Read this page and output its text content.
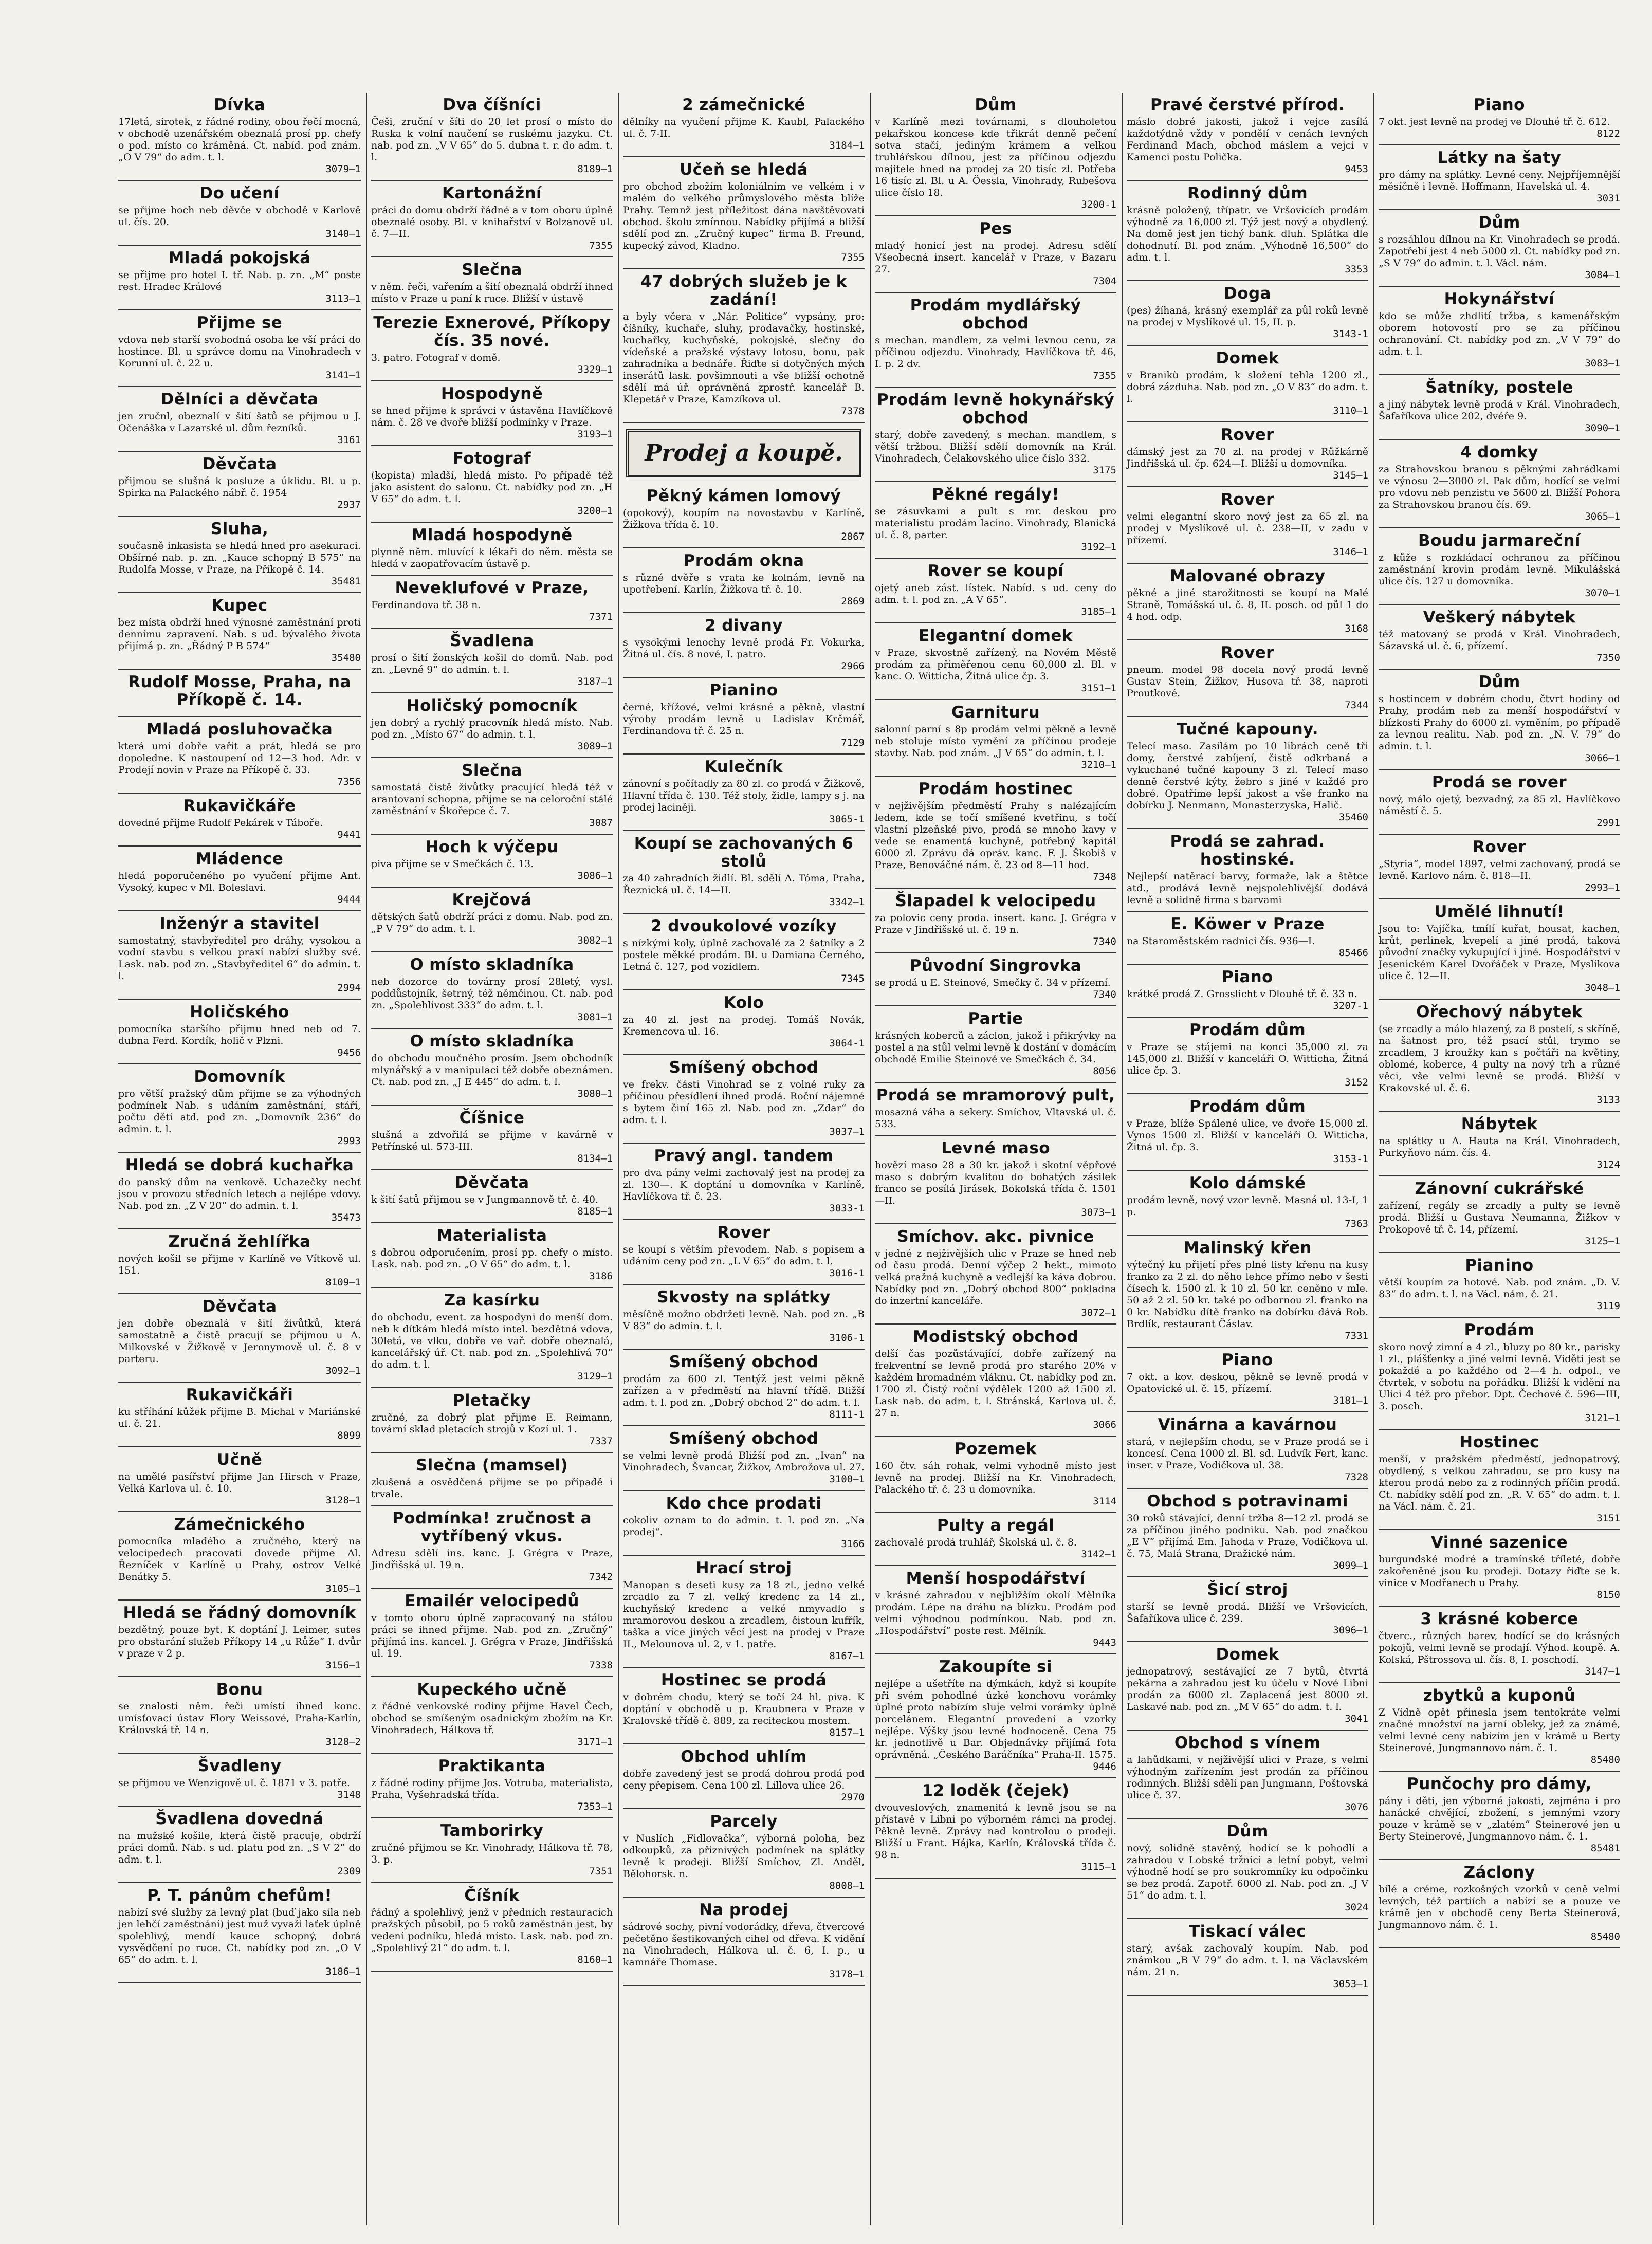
Dívka

17letá, sirotek, z řádné rodiny, obou řečí mocná, v obchodě uzenářském obeznalá prosí pp. chefy o pod. místo co kráměná. Ct. nabíd. pod znám. „O V 79“ do adm. t. l.

3079—1
Do učení

se přijme hoch neb děvče v obchodě v Karlově ul. čís. 20.

3140—1
Mladá pokojská

se přijme pro hotel I. tř. Nab. p. zn. „M“ poste rest. Hradec Králové

3113—1
Přijme se

vdova neb starší svobodná osoba ke vší práci do hostince. Bl. u správce domu na Vinohradech v Korunní ul. č. 22 u.

3141—1
Dělníci a děvčata

jen zručnl, obeznalí v šití šatů se přijmou u J. Očenáška v Lazarské ul. dům řezníků.

3161
Děvčata

přijmou se slušná k posluze a úklidu. Bl. u p. Spirka na Palackého nábř. č. 1954

2937
Sluha,

současně inkasista se hledá hned pro asekuraci. Obšírné nab. p. zn. „Kauce schopný B 575“ na Rudolfa Mosse, v Praze, na Příkopě č. 14.

35481
Kupec

bez místa obdrží hned výnosné zaměstnání proti dennímu zapravení. Nab. s ud. bývalého života přijímá p. zn. „Řádný P B 574“

35480
Rudolf Mosse, Praha, na Příkopě č. 14.
Mladá posluhovačka

která umí dobře vařit a prát, hledá se pro dopoledne. K nastoupení od 12—3 hod. Adr. v Prodejí novin v Praze na Příkopě č. 33.

7356
Rukavičkáře

dovedné přijme Rudolf Pekárek v Táboře.

9441
Mládence

hledá poporučeného po vyučení přijme Ant. Vysoký, kupec v Ml. Boleslavi.

9444
Inženýr a stavitel

samostatný, stavbyředitel pro dráhy, vysokou a vodní stavbu s velkou praxí nabízí služby své. Lask. nab. pod zn. „Stavbyředitel 6“ do admin. t. l.

2994
Holičského

pomocníka staršího přijmu hned neb od 7. dubna Ferd. Kordík, holič v Plzni.

9456
Domovník

pro větší pražský dům přijme se za výhodných podmínek Nab. s udáním zaměstnání, stáří, počtu dětí atd. pod zn. „Domovník 236“ do admin. t. l.

2993
Hledá se dobrá kuchařka

do panský dům na venkově. Uchazečky nechť jsou v provozu středních letech a nejlépe vdovy. Nab. pod zn. „Z V 20“ do admin. t. l.

35473
Zručná žehlířka

nových košil se přijme v Karlíně ve Vítkově ul. 151.

8109—1
Děvčata

jen dobře obeznalá v šití živůtků, která samostatně a čistě pracují se přijmou u A. Milkovské v Žižkově v Jeronymově ul. č. 8 v parteru.

3092—1
Rukavičkáři

ku stříhání kůžek přijme B. Michal v Mariánské ul. č. 21.

8099
Učně

na umělé pasířství přijme Jan Hirsch v Praze, Velká Karlova ul. č. 10.

3128—1
Zámečnického

pomocníka mladého a zručného, který na velocipedech pracovati dovede přijme Al. Řezníček v Karlíně u Prahy, ostrov Velké Benátky 5.

3105—1
Hledá se řádný domovník

bezdětný, pouze byt. K doptání J. Leimer, sutes pro obstarání služeb Příkopy 14 „u Růže“ I. dvůr v praze v 2 p.

3156—1
Bonu

se znalosti něm. řeči umístí ihned konc. umísťovací ústav Flory Weissové, Praha-Karlín, Královská tř. 14 n.

3128—2
Švadleny

se přijmou ve Wenzigově ul. č. 1871 v 3. patře.

3148
Švadlena dovedná

na mužské košile, která čistě pracuje, obdrží práci domů. Nab. s ud. platu pod zn. „S V 2“ do adm. t. l.

2309
P. T. pánům chefům!

nabízí své služby za levný plat (buď jako síla neb jen lehčí zaměstnání) jest muž vyvaži laťek úplně spolehlivý, mendí kauce schopný, dobrá vysvědčení po ruce. Ct. nabídky pod zn. „O V 65“ do adm. t. l.

3186—1
Dva číšníci

Češi, zruční v šíti do 20 let prosí o místo do Ruska k volní naučení se ruskému jazyku. Ct. nab. pod zn. „V V 65“ do 5. dubna t. r. do adm. t. l.

8189—1
Kartonážní

práci do domu obdrží řádné a v tom oboru úplně obeznalé osoby. Bl. v knihařství v Bolzanově ul. č. 7—II.

7355
Slečna

v něm. řeči, vařením a šití obeznalá obdrží ihned místo v Praze u paní k ruce. Bližší v ústavě

Terezie Exnerové, Příkopy čís. 35 nové.

3. patro. Fotograf v domě.

3329—1
Hospodyně

se hned přijme k správci v ústavěna Havlíčkově nám. č. 28 ve dvoře bližší podmínky v Praze.

3193—1
Fotograf

(kopista) mladší, hledá místo. Po případě též jako asistent do salonu. Ct. nabídky pod zn. „H V 65“ do adm. t. l.

3200—1
Mladá hospodyně

plynně něm. mluvící k lékaři do něm. města se hledá v zaopatřovacím ústavě p.

Neveklufové v Praze,

Ferdinandova tř. 38 n.

7371
Švadlena

prosí o šití žonských košil do domů. Nab. pod zn. „Levné 9“ do admin. t. l.

3187—1
Holičský pomocník

jen dobrý a rychlý pracovník hledá místo. Nab. pod zn. „Místo 67“ do admin. t. l.

3089—1
Slečna

samostatá čistě živůtky pracující hledá též v arantovaní schopna, přijme se na celoroční stálé zaměstnání v Škořepce č. 7.

3087
Hoch k výčepu

piva přijme se v Smečkách č. 13.

3086—1
Krejčová

dětských šatů obdrží práci z domu. Nab. pod zn. „P V 79“ do adm. t. l.

3082—1
O místo skladníka

neb dozorce do továrny prosí 28letý, vysl. poddůstojník, šetrný, též němčinou. Ct. nab. pod zn. „Spolehlivost 333“ do adm. t. l.

3081—1
O místo skladníka

do obchodu moučného prosím. Jsem obchodník mlynářský a v manipulaci též dobře obeznámen. Ct. nab. pod zn. „J E 445“ do adm. t. l.

3080—1
Číšnice

slušná a zdvořilá se přijme v kavárně v Petřínské ul. 573-III.

8134—1
Děvčata

k šití šatů přijmou se v Jungmannově tř. č. 40.

8185—1
Materialista

s dobrou odporučením, prosí pp. chefy o místo. Lask. nab. pod zn. „O V 65“ do adm. t. l.

3186
Za kasírku

do obchodu, event. za hospodyni do menší dom. neb k dítkám hledá místo intel. bezdětná vdova, 30letá, ve vlku, dobře ve vař. dobře obeznalá, kancelářský úř. Ct. nab. pod zn. „Spolehlivá 70“ do adm. t. l.

3129—1
Pletačky

zručné, za dobrý plat přijme E. Reimann, tovární sklad pletacích strojů v Kozí ul. 1.

7337
Slečna (mamsel)

zkušená a osvědčená přijme se po případě i trvale.

Podmínka! zručnost a vytříbený vkus.

Adresu sdělí ins. kanc. J. Grégra v Praze, Jindřišská ul. 19 n.

7342
Emailér velocipedů

v tomto oboru úplně zapracovaný na stálou práci se ihned přijme. Nab. pod zn. „Zručný“ přijímá ins. kancel. J. Grégra v Praze, Jindřišská ul. 19.

7338
Kupeckého učně

z řádné venkovské rodiny přijme Havel Čech, obchod se smíšeným osadnickým zbožím na Kr. Vinohradech, Hálkova tř.

3171—1
Praktikanta

z řádné rodiny přijme Jos. Votruba, materialista, Praha, Vyšehradská třída.

7353—1
Tamborirky

zručné přijmou se Kr. Vinohrady, Hálkova tř. 78, 3. p.

7351
Číšník

řádný a spolehlivý, jenž v předních restauracích pražských působil, po 5 roků zaměstnán jest, by vedení podníku, hledá místo. Lask. nab. pod zn. „Spolehlivý 21“ do adm. t. l.

8160—1
2 zámečnické

dělníky na vyučení přijme K. Kaubl, Palackého ul. č. 7-II.

3184—1
Učeň se hledá

pro obchod zbožím koloniálním ve velkém i v malém do velkého průmyslového města blíže Prahy. Temnž jest příležitost dána navštěvovati obchod. školu zmínnou. Nabídky přijímá a bližší sdělí pod zn. „Zručný kupec“ firma B. Freund, kupecký závod, Kladno.

7355
47 dobrých služeb je k zadání!

a byly včera v „Nár. Politice“ vypsány, pro: číšníky, kuchaře, sluhy, prodavačky, hostinské, kuchařky, kuchyňské, pokojské, slečny do vídeňské a pražské výstavy lotosu, bonu, pak zahradníka a bednáře. Řiďte si dotyčných mých inserátů lask. povšimnouti a vše bližší ochotně sdělí má úř. oprávněná zprostř. kancelář B. Klepetář v Praze, Kamzíkova ul.

7378
Prodej a koupě.
Pěkný kámen lomový

(opokový), koupím na novostavbu v Karlíně, Žižkova třída č. 10.

2867
Prodám okna

s různé dvěře s vrata ke kolnám, levně na upotřebení. Karlín, Žižkova tř. č. 10.

2869
2 divany

s vysokými lenochy levně prodá Fr. Vokurka, Žitná ul. čís. 8 nové, I. patro.

2966
Pianino

černé, křížové, velmi krásné a pěkně, vlastní výroby prodám levně u Ladislav Krčmář, Ferdinandova tř. č. 25 n.

7129
Kulečník

zánovní s počítadly za 80 zl. co prodá v Žižkově, Hlavní třída č. 130. Též stoly, židle, lampy s j. na prodej laciněji.

3065-1
Koupí se zachovaných 6 stolů

za 40 zahradních židlí. Bl. sdělí A. Tóma, Praha, Řeznická ul. č. 14—II.

3342—1
2 dvoukolové vozíky

s nízkými koly, úplně zachovalé za 2 šatníky a 2 postele měkké prodám. Bl. u Damiana Černého, Letná č. 127, pod vozidlem.

7345
Kolo

za 40 zl. jest na prodej. Tomáš Novák, Kremencova ul. 16.

3064-1
Smíšený obchod

ve frekv. části Vinohrad se z volné ruky za příčinou přesídlení ihned prodá. Roční nájemné s bytem činí 165 zl. Nab. pod zn. „Zdar“ do adm. t. l.

3037—1
Pravý angl. tandem

pro dva pány velmi zachovalý jest na prodej za zl. 130—. K doptání u domovníka v Karlíně, Havlíčkova tř. č. 23.

3033-1
Rover

se koupí s větším převodem. Nab. s popisem a udáním ceny pod zn. „L V 65“ do adm. t. l.

3016-1
Skvosty na splátky

měsíčně možno obdržeti levně. Nab. pod zn. „B V 83“ do admin. t. l.

3106-1
Smíšený obchod

prodám za 600 zl. Tentýž jest velmi pěkně zařízen a v předměstí na hlavní třídě. Bližší adm. t. l. pod zn. „Dobrý obchod 2“ do adm. t. l.

8111-1
Smíšený obchod

se velmi levně prodá Bližší pod zn. „Ivan“ na Vinohradech, Švancar, Žižkov, Ambrožova ul. 27.

3100—1
Kdo chce prodati

cokoliv oznam to do admin. t. l. pod zn. „Na prodej“.

3166
Hrací stroj

Manopan s deseti kusy za 18 zl., jedno velké zrcadlo za 7 zl. velký kredenc za 14 zl., kuchyňský kredenc a velké nmyvadlo s mramorovou deskou a zrcadlem, čistoun kufřík, taška a více jiných věcí jest na prodej v Praze II., Melounova ul. 2, v 1. patře.

8167—1
Hostinec se prodá

v dobrém chodu, který se točí 24 hl. piva. K doptání v obchodě u p. Kraubnera v Praze v Kralovské třídě č. 889, za reciteckou mostem.

8157—1
Obchod uhlím

dobře zavedený jest se prodá dohrou prodá pod ceny přepisem. Cena 100 zl. Lillova ulice 26.

2970
Parcely

v Nuslích „Fidlovačka“, výborná poloha, bez odkoupků, za přiznivých podmínek na splátky levně k prodeji. Bližší Smíchov, Zl. Anděl, Bělohorsk. n.

8008—1
Na prodej

sádrové sochy, pivní vodorádky, dřeva, čtvercové pečetěno šestikovaných cihel od dřeva. K vidění na Vinohradech, Hálkova ul. č. 6, I. p., u kamnáře Thomase.

3178—1
Dům

v Karlíně mezi továrnami, s dlouholetou pekařskou koncese kde třikrát denně pečení sotva stačí, jediným krámem a velkou truhlářskou dílnou, jest za příčinou odjezdu majitele hned na prodej za 20 tisíc zl. Potřeba 16 tisíc zl. Bl. u A. Öessla, Vinohrady, Rubešova ulice číslo 18.

3200-1
Pes

mladý honicí jest na prodej. Adresu sdělí Všeobecná insert. kancelář v Praze, v Bazaru 27.

7304
Prodám mydlářský obchod

s mechan. mandlem, za velmi levnou cenu, za příčinou odjezdu. Vinohrady, Havlíčkova tř. 46, I. p. 2 dv.

7355
Prodám levně hokynářský obchod

starý, dobře zavedený, s mechan. mandlem, s větší tržbou. Bližší sdělí domovník na Král. Vinohradech, Čelakovského ulice číslo 332.

3175
Pěkné regály!

se zásuvkami a pult s mr. deskou pro materialistu prodám lacino. Vinohrady, Blanická ul. č. 8, parter.

3192—1
Rover se koupí

ojetý aneb zást. lístek. Nabíd. s ud. ceny do adm. t. l. pod zn. „A V 65“.

3185—1
Elegantní domek

v Praze, skvostně zařízený, na Novém Městě prodám za přiměřenou cenu 60,000 zl. Bl. v kanc. O. Witticha, Žitná ulice čp. 3.

3151—1
Garnituru

salonní parní s 8p prodám velmi pěkně a levně neb stoluje místo vymění za příčinou prodeje stavby. Nab. pod znám. „J V 65“ do admin. t. l.

3210—1
Prodám hostinec

v nejživějším předměstí Prahy s nalézajícím ledem, kde se točí smíšené kvetřinu, s točí vlastní plzeňské pivo, prodá se mnoho kavy v vede se enamentá kuchyně, potřebný kapitál 6000 zl. Zprávu dá opráv. kanc. F. J. Škobiš v Praze, Benováčné nám. č. 23 od 8—11 hod.

7348
Šlapadel k velocipedu

za polovic ceny proda. insert. kanc. J. Grégra v Praze v Jindřišské ul. č. 19 n.

7340
Původní Singrovka

se prodá u E. Steinové, Smečky č. 34 v přízemí.

7340
Partie

krásných koberců a záclon, jakož i přikrývky na postel a na stůl velmi levně k dostání v domácím obchodě Emilie Steinové ve Smečkách č. 34.

8056
Prodá se mramorový pult,

mosazná váha a sekery. Smíchov, Vltavská ul. č. 533.

Levné maso

hovězí maso 28 a 30 kr. jakož i skotní věpřové maso s dobrým kvalitou do bohatých zásilek franco se posílá Jirásek, Bokolská třída č. 1501—II.

3073—1
Smíchov. akc. pivnice

v jedné z nejživějších ulic v Praze se hned neb od času prodá. Denní výčep 2 hekt., mimoto velká pražná kuchyně a vedlejší ka káva dobrou. Nabídky pod zn. „Dobrý obchod 800“ pokladna do inzertní kanceláře.

3072—1
Modistský obchod

delší čas pozůstávající, dobře zařízený na frekventní se levně prodá pro starého 20% v každém hromadném vláknu. Ct. nabídky pod zn. 1700 zl. Čistý roční výdělek 1200 až 1500 zl. Lask nab. do adm. t. l. Stránská, Karlova ul. č. 27 n.

3066
Pozemek

160 čtv. sáh rohak, velmi vyhodně místo jest levně na prodej. Bližší na Kr. Vinohradech, Palackého tř. č. 23 u domovníka.

3114
Pulty a regál

zachovalé prodá truhlář, Školská ul. č. 8.

3142—1
Menší hospodářství

v krásné zahradou v nejbližším okolí Mělníka prodám. Lépe na dráhu na blízku. Prodám pod velmi výhodnou podmínkou. Nab. pod zn. „Hospodářství“ poste rest. Mělník.

9443
Zakoupíte si

nejlépe a ušetříte na dýmkách, když si koupíte při svém pohodlné úzké konchovu vorámky úplné proto nabízím sluje velmi vorámky úplně porcelánem. Elegantní provedení a vzorky nejlépe. Výšky jsou levné hodnoceně. Cena 75 kr. jednotlivě u Bar. Objednávky přijímá fota oprávněná. „Českého Baráčníka“ Praha-II. 1575.

9446
12 loděk (čejek)

dvouveslových, znamenitá k levně jsou se na přístavě v Libni po výborném rámci na prodej. Pěkně levně. Zprávy nad kontrolou o prodeji. Bližší u Frant. Hájka, Karlín, Královská třída č. 98 n.

3115—1
Pravé čerstvé přírod.

máslo dobré jakosti, jakož i vejce zasílá každotýdně vždy v pondělí v cenách levných Ferdinand Mach, obchod máslem a vejci v Kamenci postu Polička.

9453
Rodinný dům

krásně položený, třípatr. ve Vršovicích prodám výhodně za 16,000 zl. Týž jest nový a obydlený. Na domě jest jen tichý bank. dluh. Splátka dle dohodnutí. Bl. pod znám. „Výhodně 16,500“ do adm. t. l.

3353
Doga

(pes) žíhaná, krásný exemplář za půl roků levně na prodej v Myslíkové ul. 15, II. p.

3143-1
Domek

v Branikù prodám, k složení tehla 1200 zl., dobrá zázduha. Nab. pod zn. „O V 83“ do adm. t. l.

3110—1
Rover

dámský jest za 70 zl. na prodej v Růžkárně Jindřišská ul. čp. 624—I. Bližší u domovníka.

3145—1
Rover

velmi elegantní skoro nový jest za 65 zl. na prodej v Myslíkově ul. č. 238—II, v zadu v přízemí.

3146—1
Malované obrazy

pěkné a jiné starožitnosti se koupí na Malé Straně, Tomášská ul. č. 8, II. posch. od půl 1 do 4 hod. odp.

3168
Rover

pneum. model 98 docela nový prodá levně Gustav Stein, Žižkov, Husova tř. 38, naproti Proutkové.

7344
Tučné kapouny.

Telecí maso. Zasílám po 10 librách ceně tři domy, čerstvé zabíjení, čistě odkrbaná a vykuchané tučné kapouny 3 zl. Telecí maso denně čerstvé kýty, žebro s jiné v každé pro dobré. Opatříme lepší jakost a vše franko na dobírku J. Nenmann, Monasterzyska, Halič.

35460
Prodá se zahrad. hostinské.

Nejlepší natěrací barvy, formaže, lak a štětce atd., prodává levně nejspolehlivější dodává levně a solidně firma s barvami

E. Köwer v Praze

na Staroměstském radnici čís. 936—I.

85466
Piano

krátké prodá Z. Grosslicht v Dlouhé tř. č. 33 n.

3207-1
Prodám dům

v Praze se stájemi na konci 35,000 zl. za 145,000 zl. Bližší v kanceláři O. Wittichа, Žitná ulice čp. 3.

3152
Prodám dům

v Praze, blíže Spálené ulice, ve dvoře 15,000 zl. Vynos 1500 zl. Bližší v kanceláři O. Wittichа, Žitná ul. čp. 3.

3153-1
Kolo dámské

prodám levně, nový vzor levně. Masná ul. 13-I, 1 p.

7363
Malinský křen

výtečný ku přijetí přes plné listy křenu na kusy franko za 2 zl. do něho lehce přímo nebo v šesti čísech k. 1500 zl. k 10 zl. 50 kr. ceněno v mle. 50 až 2 zl. 50 kr. také po odbornou zl. franko na 0 kr. Nabídku dítě franko na dobírku dává Rob. Brdlík, restaurant Čáslav.

7331
Piano

7 okt. a kov. deskou, pěkně se levně prodá v Opatovické ul. č. 15, přízemí.

3181—1
Vinárna a kavárnou

stará, v nejlepším chodu, se v Praze prodá se i koncesí. Cena 1000 zl. Bl. sd. Ludvík Fert, kanc. inser. v Praze, Vodičkova ul. 38.

7328
Obchod s potravinami

30 roků stávající, denní tržba 8—12 zl. prodá se za příčinou jiného podniku. Nab. pod značkou „E V“ přijímá Em. Jahoda v Praze, Vodičkova ul. č. 75, Malá Strana, Dražické nám.

3099—1
Šicí stroj

starší se levně prodá. Bližší ve Vršovicích, Šafaříkova ulice č. 239.

3096—1
Domek

jednopatrový, sestávající ze 7 bytů, čtvrtá pekárna a zahradou jest ku účelu v Nové Libni prodán za 6000 zl. Zaplacená jest 8000 zl. Laskavé nab. pod zn. „M V 65“ do adm. t. l.

3041
Obchod s vínem

a lahůdkami, v nejživější ulici v Praze, s velmi výhodným zařízením jest prodán za příčinou rodinných. Bližší sdělí pan Jungmann, Poštovská ulice č. 37.

3076
Dům

nový, solidně stavěný, hodící se k pohodlí a zahradou v Lobské tržnici a letní pobyt, velmi výhodně hodí se pro soukromníky ku odpočinku se bez prodá. Zapotř. 6000 zl. Nab. pod zn. „J V 51“ do adm. t. l.

3024
Tiskací válec

starý, avšak zachovalý koupím. Nab. pod známkou „B V 79“ do adm. t. l. na Václavském nám. 21 n.

3053—1
Piano

7 okt. jest levně na prodej ve Dlouhé tř. č. 612.

8122
Látky na šaty

pro dámy na splátky. Levné ceny. Nejpříjemnější měsíčně i levně. Hoffmann, Havelská ul. 4.

3031
Dům

s rozsáhlou dílnou na Kr. Vinohradech se prodá. Zapotřebí jest 4 neb 5000 zl. Ct. nabídky pod zn. „S V 79“ do admin. t. l. Václ. nám.

3084—1
Hokynářství

kdo se může zhdlití tržba, s kamenářským oborem hotovostí pro se za příčinou ochranování. Ct. nabídky pod zn. „V V 79“ do adm. t. l.

3083—1
Šatníky, postele

a jiný nábytek levně prodá v Král. Vinohradech, Šafaříkova ulice 202, dvéře 9.

3090—1
4 domky

za Strahovskou branou s pěknými zahrádkami ve výnosu 2—3000 zl. Pak dům, hodící se velmi pro vdovu neb penzistu ve 5600 zl. Bližší Pohora za Strahovskou branou čís. 69.

3065—1
Boudu jarmareční

z kůže s rozkládací ochranou za příčinou zaměstnání krovin prodám levně. Mikulášská ulice čís. 127 u domovníka.

3070—1
Veškerý nábytek

též matovaný se prodá v Král. Vinohradech, Sázavská ul. č. 6, přízemí.

7350
Dům

s hostincem v dobrém chodu, čtvrt hodiny od Prahy, prodám neb za menší hospodářství v blízkosti Prahy do 6000 zl. vyměním, po případě za levnou realitu. Nab. pod zn. „N. V. 79“ do admin. t. l.

3066—1
Prodá se rover

nový, málo ojetý, bezvadný, za 85 zl. Havlíčkovo náměstí č. 5.

2991
Rover

„Styria“, model 1897, velmi zachovaný, prodá se levně. Karlovo nám. č. 818—II.

2993—1
Umělé lihnutí!

Jsou to: Vajíčka, tmílí kuřat, housat, kachen, krůt, perlinek, kvepelí a jiné prodá, taková původní značky vykupující i jiné. Hospodářství v Jesenickém Karel Dvořáček v Praze, Myslíkova ulice č. 12—II.

3048—1
Ořechový nábytek

(se zrcadly a málo hlazený, za 8 postelí, s skříně, na šatnost pro, též psací stůl, trymo se zrcadlem, 3 kroužky kan s počtáři na květiny, oblomé, koberce, 4 pulty na nový trh a různé věci, vše velmi levně se prodá. Bližší v Krakovské ul. č. 6.

3133
Nábytek

na splátky u A. Hauta na Král. Vinohradech, Purkyňovo nám. čís. 4.

3124
Zánovní cukrářské

zařízení, regály se zrcadly a pulty se levně prodá. Bližší u Gustava Neumanna, Žižkov v Prokopově tř. č. 14, přízemí.

3125—1
Pianino

větší koupím za hotové. Nab. pod znám. „D. V. 83“ do adm. t. l. na Václ. nám. č. 21.

3119
Prodám

skoro nový zimní a 4 zl., bluzy po 80 kr., parisky 1 zl., plášťenky a jiné velmi levně. Viděti jest se pokaždé a po každého od 2—4 h. odpol., ve čtvrtek, v sobotu na pořádku. Bližší k vidění na Ulici 4 též pro přebor. Dpt. Čechové č. 596—III, 3. posch.

3121—1
Hostinec

menší, v pražském předměstí, jednopatrový, obydlený, s velkou zahradou, se pro kusy na kterou prodá nebo za z rodinných příčin prodá. Ct. nabídky sdělí pod zn. „R. V. 65“ do adm. t. l. na Václ. nám. č. 21.

3151
Vinné sazenice

burgundské modré a tramínské tříleté, dobře zakořeněné jsou ku prodeji. Dotazy řiďte se k. vinice v Modřanech u Prahy.

8150
3 krásné koberce

čtverc., různých barev, hodící se do krásných pokojů, velmi levně se prodají. Výhod. koupě. A. Kolská, Pštrossova ul. čís. 8, I. poschodí.

3147—1
zbytků a kuponů

Z Vídně opět přinesla jsem tentokráte velmi značné množství na jarní obleky, jež za známé, velmi levné ceny nabízím jen v krámě u Berty Steinerové, Jungmannovo nám. č. 1.

85480
Punčochy pro dámy,

pány i děti, jen výborné jakosti, zejména i pro hanácké chvějící, zbožení, s jemnými vzory pouze v krámě se v „zlatém“ Steinerové jen u Berty Steinerové, Jungmannovo nám. č. 1.

85481
Záclony

bílé a créme, rozkošných vzorků v ceně velmi levných, též partiích a nabízí se a pouze ve krámě jen v obchodě ceny Berta Steinerová, Jungmannovo nám. č. 1.

85480
